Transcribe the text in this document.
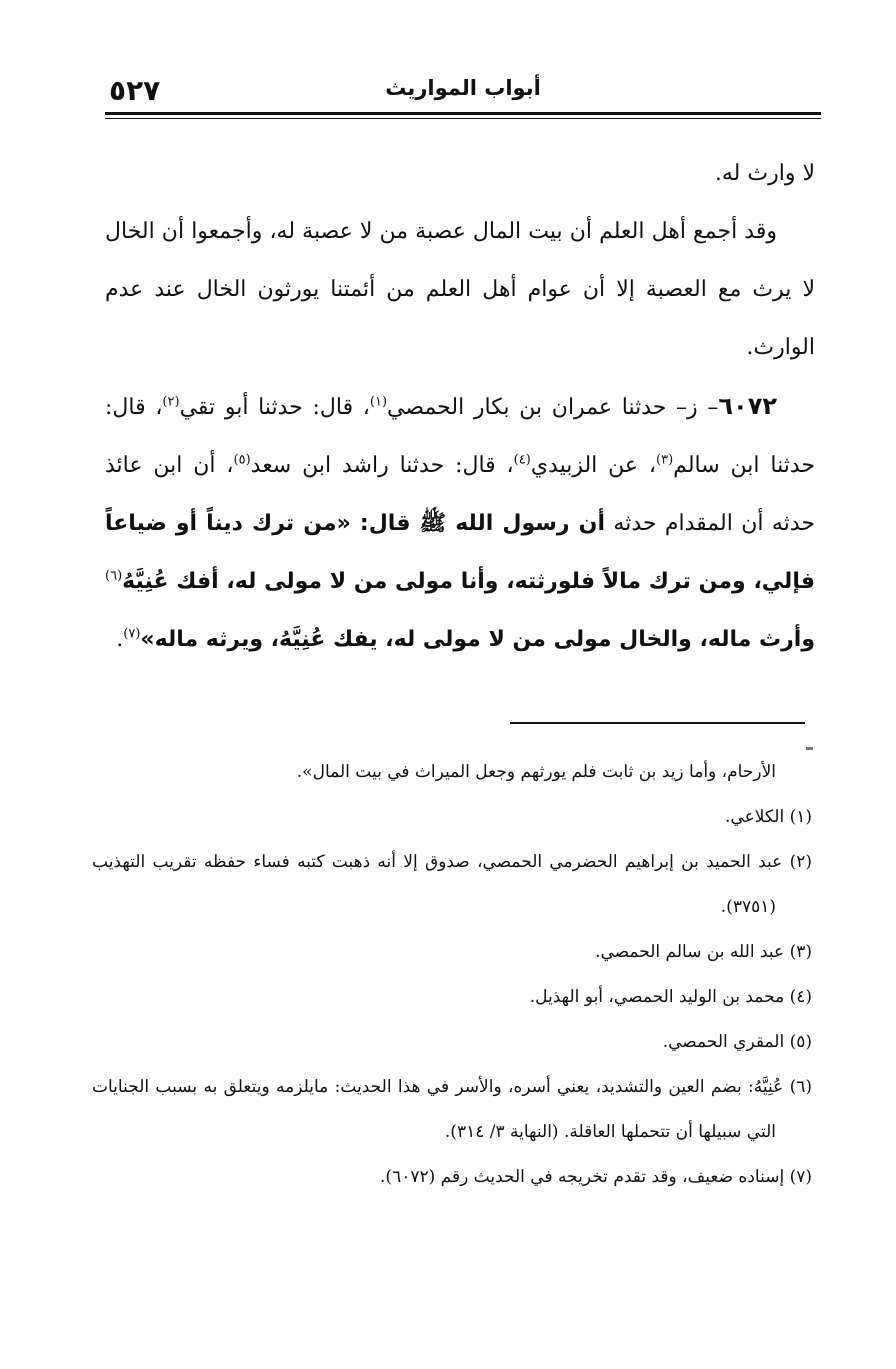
٥٢٧	أبواب المواريث

لا وارث له.

وقد أجمع أهل العلم أن بيت المال عصبة من لا عصبة له، وأجمعوا أن الخال لا يرث مع العصبة إلا أن عوام أهل العلم من أئمتنا يورثون الخال عند عدم الوارث.

٦٠٧٢– ز– حدثنا عمران بن بكار الحمصي$^{(١)}$، قال: حدثنا أبو تقي$^{(٢)}$، قال: حدثنا ابن سالم$^{(٣)}$، عن الزبيدي$^{(٤)}$، قال: حدثنا راشد ابن سعد$^{(٥)}$، أن ابن عائذ حدثه أن المقدام حدثه أن رسول الله ﷺ قال: «من ترك ديناً أو ضياعاً فإلي، ومن ترك مالاً فلورثته، وأنا مولى من لا مولى له، أفك عُنِيَّهُ$^{(٦)}$ وأرث ماله، والخال مولى من لا مولى له، يفك عُنِيَّهُ، ويرثه ماله»$^{(٧)}$.

الأرحام، وأما زيد بن ثابت فلم يورثهم وجعل الميراث في بيت المال».

(١) الكلاعي.

(٢) عبد الحميد بن إبراهيم الحضرمي الحمصي، صدوق إلا أنه ذهبت كتبه فساء حفظه تقريب التهذيب (٣٧٥١).

(٣) عبد الله بن سالم الحمصي.

(٤) محمد بن الوليد الحمصي، أبو الهذيل.

(٥) المقري الحمصي.

(٦) عُنِيَّهُ: بضم العين والتشديد، يعني أسره، والأسر في هذا الحديث: مايلزمه ويتعلق به بسبب الجنايات التي سبيلها أن تتحملها العاقلة. (النهاية ٣/ ٣١٤).

(٧) إسناده ضعيف، وقد تقدم تخريجه في الحديث رقم (٦٠٧٢).
